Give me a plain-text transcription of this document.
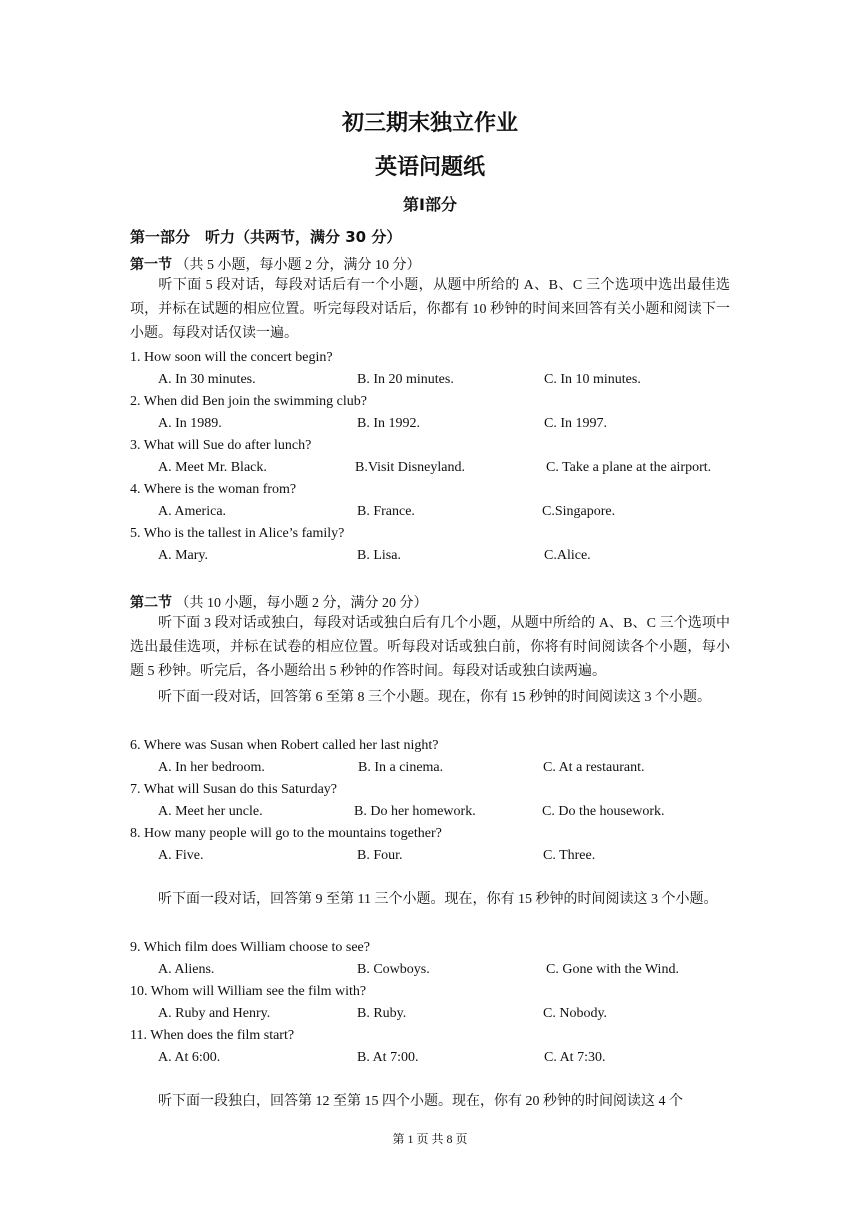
初三期末独立作业
英语问题纸
第Ⅰ部分
第一部分　听力（共两节，满分 30 分）
第一节 （共 5 小题，每小题 2 分，满分 10 分）
听下面 5 段对话，每段对话后有一个小题，从题中所给的 A、B、C 三个选项中选出最佳选项，并标在试题的相应位置。听完每段对话后，你都有 10 秒钟的时间来回答有关小题和阅读下一小题。每段对话仅读一遍。
1. How soon will the concert begin?
A. In 30 minutes.	B. In 20 minutes.	C. In 10 minutes.
2. When did Ben join the swimming club?
A. In 1989.	B. In 1992.	C. In 1997.
3. What will Sue do after lunch?
A. Meet Mr. Black.	B.Visit Disneyland.	C. Take a plane at the airport.
4. Where is the woman from?
A. America.	B. France.	C.Singapore.
5. Who is the tallest in Alice’s family?
A. Mary.	B. Lisa.	C.Alice.
第二节 （共 10 小题，每小题 2 分，满分 20 分）
听下面 3 段对话或独白，每段对话或独白后有几个小题，从题中所给的 A、B、C 三个选项中选出最佳选项，并标在试卷的相应位置。听每段对话或独白前，你将有时间阅读各个小题，每小题 5 秒钟。听完后，各小题给出 5 秒钟的作答时间。每段对话或独白读两遍。
听下面一段对话，回答第 6 至第 8 三个小题。现在，你有 15 秒钟的时间阅读这 3 个小题。
6. Where was Susan when Robert called her last night?
A. In her bedroom.	B. In a cinema.	C. At a restaurant.
7. What will Susan do this Saturday?
A. Meet her uncle.	B. Do her homework.	C. Do the housework.
8. How many people will go to the mountains together?
A. Five.	B. Four.	C. Three.
听下面一段对话，回答第 9 至第 11 三个小题。现在，你有 15 秒钟的时间阅读这 3 个小题。
9. Which film does William choose to see?
A. Aliens.	B. Cowboys.	C. Gone with the Wind.
10. Whom will William see the film with?
A. Ruby and Henry.	B. Ruby.	C. Nobody.
11. When does the film start?
A. At 6:00.	B. At 7:00.	C. At 7:30.
听下面一段独白，回答第 12 至第 15 四个小题。现在，你有 20 秒钟的时间阅读这 4 个
第 1 页 共 8 页
